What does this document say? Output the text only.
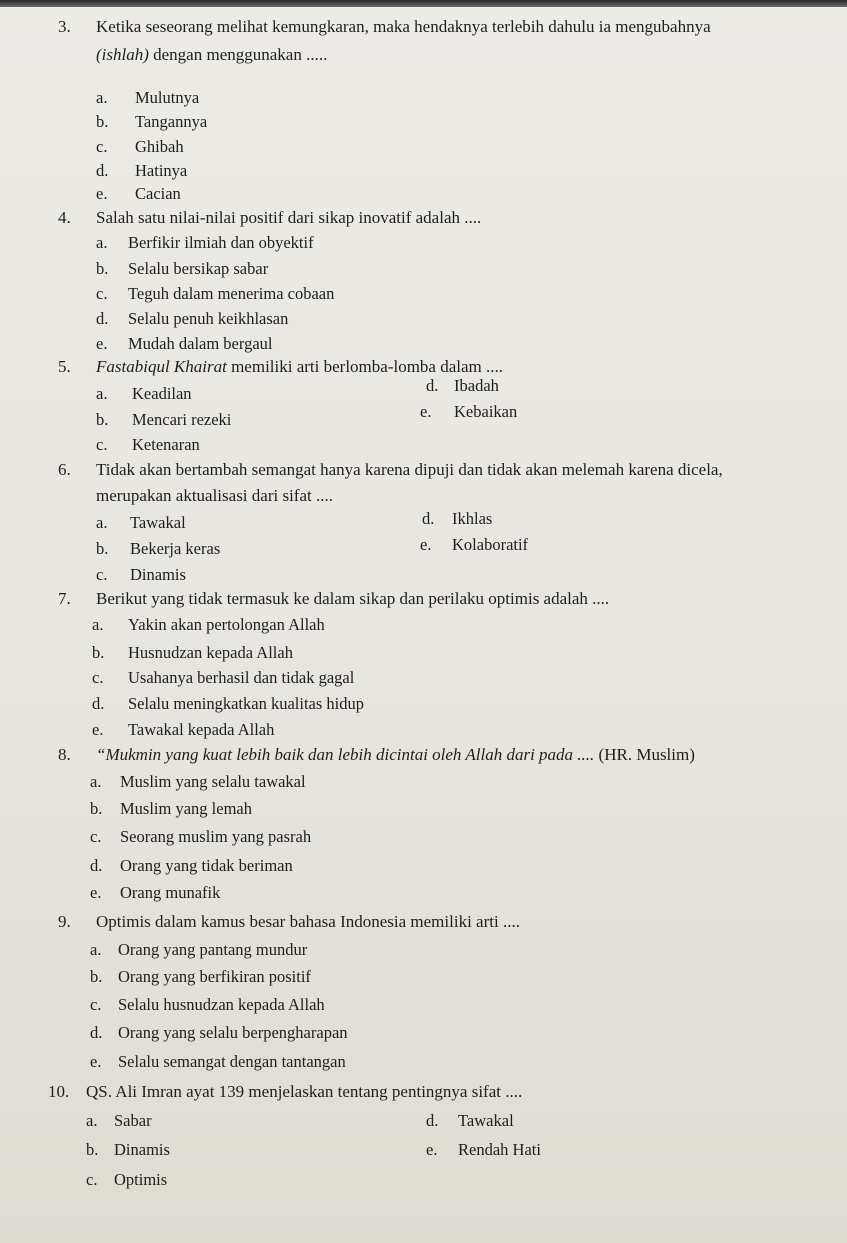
3. Ketika seseorang melihat kemungkaran, maka hendaknya terlebih dahulu ia mengubahnya
(ishlah) dengan menggunakan .....
a. Mulutnya
b. Tangannya
c. Ghibah
d. Hatinya
e. Cacian
4. Salah satu nilai-nilai positif dari sikap inovatif adalah ....
a. Berfikir ilmiah dan obyektif
b. Selalu bersikap sabar
c. Teguh dalam menerima cobaan
d. Selalu penuh keikhlasan
e. Mudah dalam bergaul
5. Fastabiqul Khairat memiliki arti berlomba-lomba dalam ....
a. Keadilan
b. Mencari rezeki
c. Ketenaran
d. Ibadah
e. Kebaikan
6. Tidak akan bertambah semangat hanya karena dipuji dan tidak akan melemah karena dicela,
merupakan aktualisasi dari sifat ....
a. Tawakal
b. Bekerja keras
c. Dinamis
d. Ikhlas
e. Kolaboratif
7. Berikut yang tidak termasuk ke dalam sikap dan perilaku optimis adalah ....
a. Yakin akan pertolongan Allah
b. Husnudzan kepada Allah
c. Usahanya berhasil dan tidak gagal
d. Selalu meningkatkan kualitas hidup
e. Tawakal kepada Allah
8. “Mukmin yang kuat lebih baik dan lebih dicintai oleh Allah dari pada .... (HR. Muslim)
a. Muslim yang selalu tawakal
b. Muslim yang lemah
c. Seorang muslim yang pasrah
d. Orang yang tidak beriman
e. Orang munafik
9. Optimis dalam kamus besar bahasa Indonesia memiliki arti ....
a. Orang yang pantang mundur
b. Orang yang berfikiran positif
c. Selalu husnudzan kepada Allah
d. Orang yang selalu berpengharapan
e. Selalu semangat dengan tantangan
10. QS. Ali Imran ayat 139 menjelaskan tentang pentingnya sifat ....
a. Sabar
b. Dinamis
c. Optimis
d. Tawakal
e. Rendah Hati
